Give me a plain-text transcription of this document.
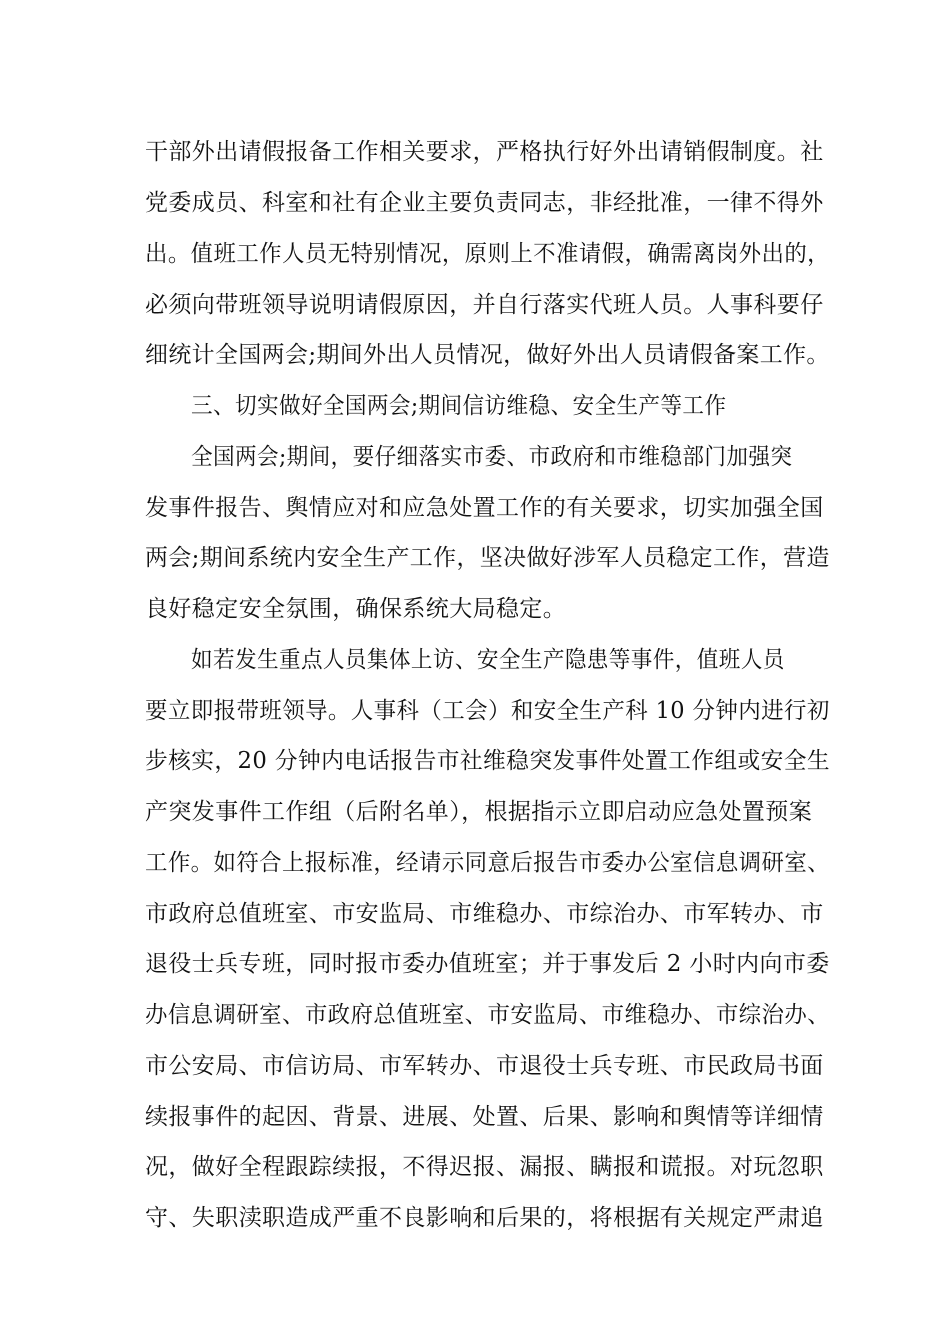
干部外出请假报备工作相关要求，严格执行好外出请销假制度。社
党委成员、科室和社有企业主要负责同志，非经批准，一律不得外
出。值班工作人员无特别情况，原则上不准请假，确需离岗外出的，
必须向带班领导说明请假原因，并自行落实代班人员。人事科要仔
细统计全国两会;期间外出人员情况，做好外出人员请假备案工作。
三、切实做好全国两会;期间信访维稳、安全生产等工作
全国两会;期间，要仔细落实市委、市政府和市维稳部门加强突
发事件报告、舆情应对和应急处置工作的有关要求，切实加强全国
两会;期间系统内安全生产工作，坚决做好涉军人员稳定工作，营造
良好稳定安全氛围，确保系统大局稳定。
如若发生重点人员集体上访、安全生产隐患等事件，值班人员
要立即报带班领导。人事科（工会）和安全生产科 10 分钟内进行初
步核实，20 分钟内电话报告市社维稳突发事件处置工作组或安全生
产突发事件工作组（后附名单），根据指示立即启动应急处置预案
工作。如符合上报标准，经请示同意后报告市委办公室信息调研室、
市政府总值班室、市安监局、市维稳办、市综治办、市军转办、市
退役士兵专班，同时报市委办值班室；并于事发后 2 小时内向市委
办信息调研室、市政府总值班室、市安监局、市维稳办、市综治办、
市公安局、市信访局、市军转办、市退役士兵专班、市民政局书面
续报事件的起因、背景、进展、处置、后果、影响和舆情等详细情
况，做好全程跟踪续报，不得迟报、漏报、瞒报和谎报。对玩忽职
守、失职渎职造成严重不良影响和后果的，将根据有关规定严肃追
